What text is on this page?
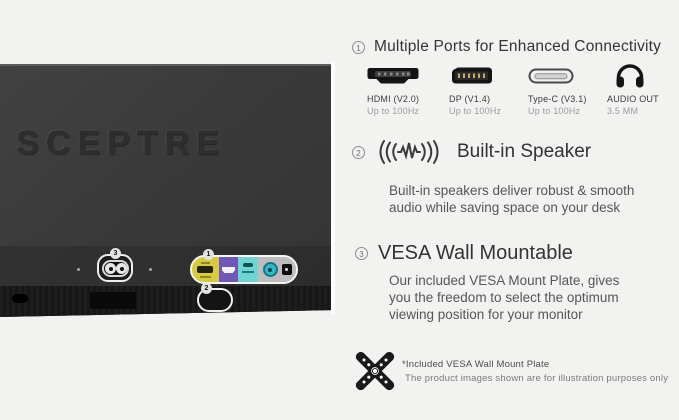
SCEPTRE
3	1
2
1 Multiple Ports for Enhanced Connectivity
HDMI (V2.0)
Up to 100Hz
DP (V1.4)
Up to 100Hz
Type-C (V3.1)
Up to 100Hz
AUDIO OUT
3.5 MM
2	Built-in Speaker
Built-in speakers deliver robust & smooth audio while saving space on your desk
3 VESA Wall Mountable
Our included VESA Mount Plate, gives you the freedom to select the optimum viewing position for your monitor
*Included VESA Wall Mount Plate
The product images shown are for illustration purposes only
